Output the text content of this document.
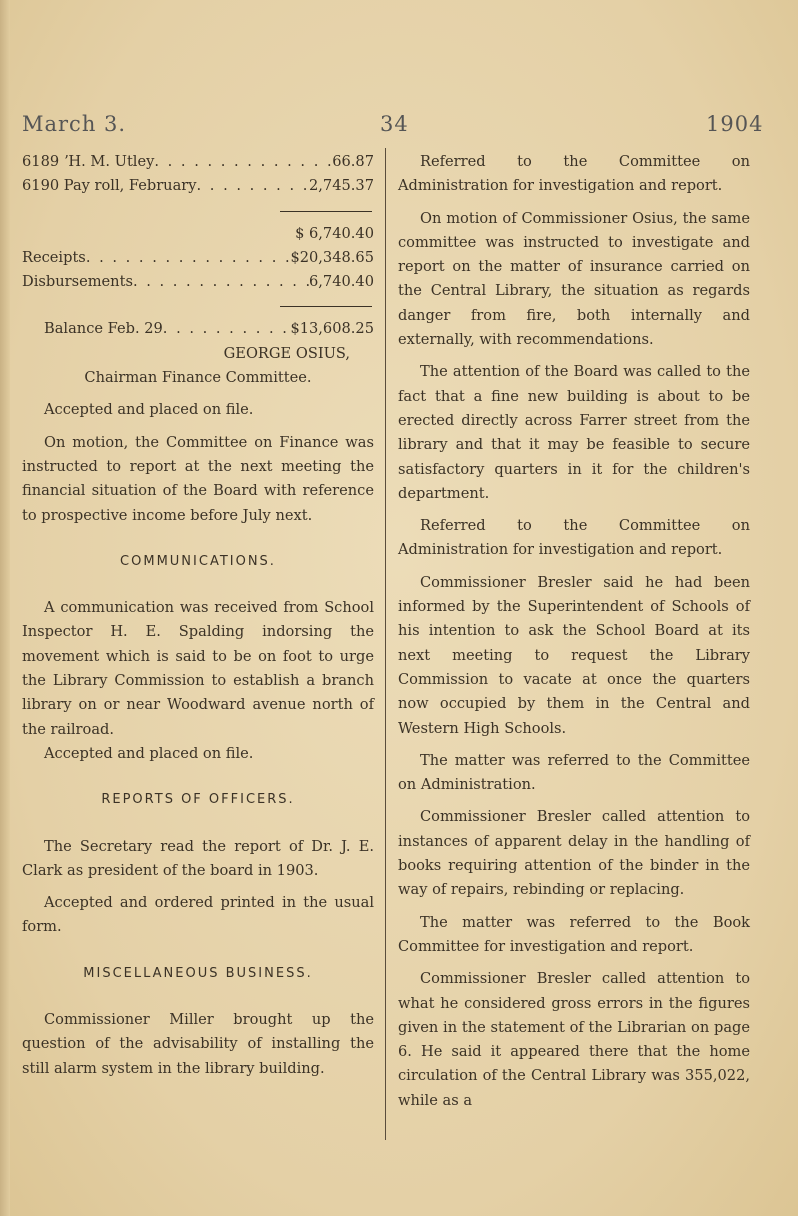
March 3.	34	1904
6189 ʼH. M. Utley . . .	66.87
6190 Pay roll, February . . .	2,745.37
$ 6,740.40
Receipts . . .	$20,348.65
Disbursements . . .	6,740.40
Balance Feb. 29 . . .	$13,608.25
GEORGE OSIUS,
Chairman Finance Committee.

Accepted and placed on file.

On motion, the Committee on Finance was instructed to report at the next meeting the financial situation of the Board with reference to prospective income before July next.

COMMUNICATIONS.

A communication was received from School Inspector H. E. Spalding indorsing the movement which is said to be on foot to urge the Library Commission to establish a branch library on or near Woodward avenue north of the railroad.

Accepted and placed on file.

REPORTS OF OFFICERS.

The Secretary read the report of Dr. J. E. Clark as president of the board in 1903.

Accepted and ordered printed in the usual form.

MISCELLANEOUS BUSINESS.

Commissioner Miller brought up the question of the advisability of installing the still alarm system in the library building.

Referred to the Committee on Administration for investigation and report.

On motion of Commissioner Osius, the same committee was instructed to investigate and report on the matter of insurance carried on the Central Library, the situation as regards danger from fire, both internally and externally, with recommendations.

The attention of the Board was called to the fact that a fine new building is about to be erected directly across Farrer street from the library and that it may be feasible to secure satisfactory quarters in it for the children's department.

Referred to the Committee on Administration for investigation and report.

Commissioner Bresler said he had been informed by the Superintendent of Schools of his intention to ask the School Board at its next meeting to request the Library Commission to vacate at once the quarters now occupied by them in the Central and Western High Schools.

The matter was referred to the Committee on Administration.

Commissioner Bresler called attention to instances of apparent delay in the handling of books requiring attention of the binder in the way of repairs, rebinding or replacing.

The matter was referred to the Book Committee for investigation and report.

Commissioner Bresler called attention to what he considered gross errors in the figures given in the statement of the Librarian on page 6. He said it appeared there that the home circulation of the Central Library was 355,022, while as a
